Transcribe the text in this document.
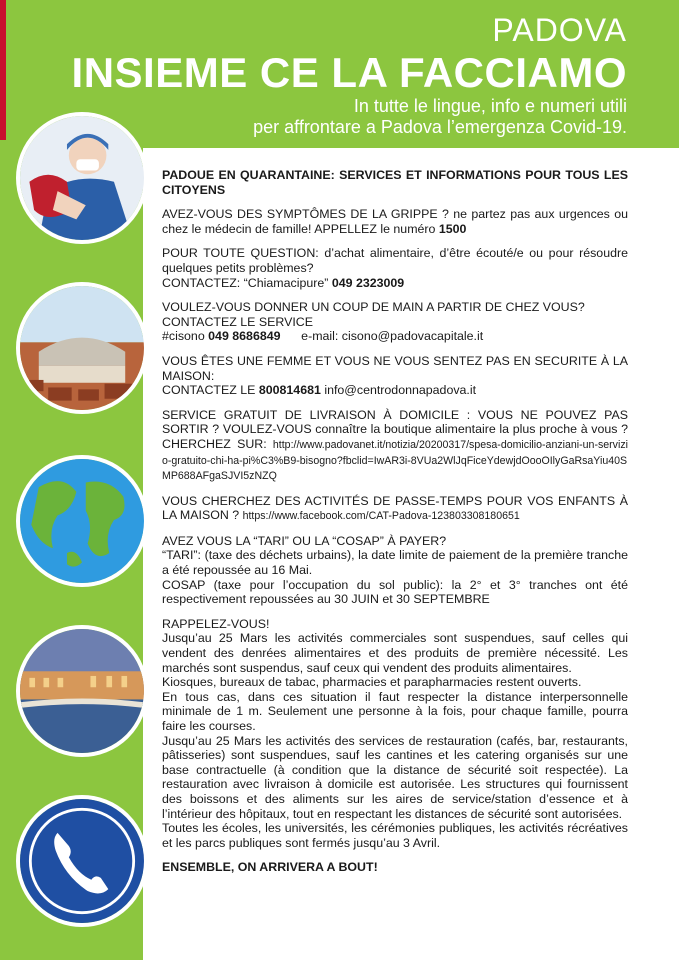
PADOVA
INSIEME CE LA FACCIAMO
In tutte le lingue, info e numeri utili
per affrontare a Padova l’emergenza Covid-19.

PADOUE EN QUARANTAINE: SERVICES ET INFORMATIONS POUR TOUS LES CITOYENS

AVEZ-VOUS DES SYMPTÔMES DE LA GRIPPE ? ne partez pas aux urgences ou chez le médecin de famille! APPELLEZ le numéro 1500

POUR TOUTE QUESTION: d’achat alimentaire, d’être écouté/e ou pour résoudre quelques petits problèmes?
CONTACTEZ: “Chiamacipure” 049 2323009

VOULEZ-VOUS DONNER UN COUP DE MAIN A PARTIR DE CHEZ VOUS?
CONTACTEZ LE SERVICE
#cisono 049 8686849 e-mail: cisono@padovacapitale.it

VOUS ÊTES UNE FEMME ET VOUS NE VOUS SENTEZ PAS EN SECURITE À LA MAISON:
CONTACTEZ LE 800814681 info@centrodonnapadova.it

SERVICE GRATUIT DE LIVRAISON À DOMICILE : VOUS NE POUVEZ PAS SORTIR ? VOULEZ-VOUS connaître la boutique alimentaire la plus proche à vous ? CHERCHEZ SUR: http://www.padovanet.it/notizia/20200317/spesa-domicilio-anziani-un-servizio-gratuito-chi-ha-pi%C3%B9-bisogno?fbclid=IwAR3i-8VUa2WlJqFiceYdewjdOooOIlyGaRsaYiu40SMP688AFgaSJVI5zNZQ

VOUS CHERCHEZ DES ACTIVITÉS DE PASSE-TEMPS POUR VOS ENFANTS À LA MAISON ? https://www.facebook.com/CAT-Padova-123803308180651

AVEZ VOUS LA “TARI” OU LA “COSAP” À PAYER?
“TARI”: (taxe des déchets urbains), la date limite de paiement de la première tranche a été repoussée au 16 Mai.
COSAP (taxe pour l’occupation du sol public): la 2° et 3° tranches ont été respectivement repoussées au 30 JUIN et 30 SEPTEMBRE

RAPPELEZ-VOUS!
Jusqu’au 25 Mars les activités commerciales sont suspendues, sauf celles qui vendent des denrées alimentaires et des produits de première nécessité. Les marchés sont suspendus, sauf ceux qui vendent des produits alimentaires.
Kiosques, bureaux de tabac, pharmacies et parapharmacies restent ouverts.
En tous cas, dans ces situation il faut respecter la distance interpersonnelle minimale de 1 m. Seulement une personne à la fois, pour chaque famille, pourra faire les courses.
Jusqu’au 25 Mars les activités des services de restauration (cafés, bar, restaurants, pâtisseries) sont suspendues, sauf les cantines et les catering organisés sur une base contractuelle (à condition que la distance de sécurité soit respectée). La restauration avec livraison à domicile est autorisée. Les structures qui fournissent des boissons et des aliments sur les aires de service/station d’essence et à l’intérieur des hôpitaux, tout en respectant les distances de sécurité sont autorisées.
Toutes les écoles, les universités, les cérémonies publiques, les activités récréatives et les parcs publiques sont fermés jusqu’au 3 Avril.

ENSEMBLE, ON ARRIVERA A BOUT!
